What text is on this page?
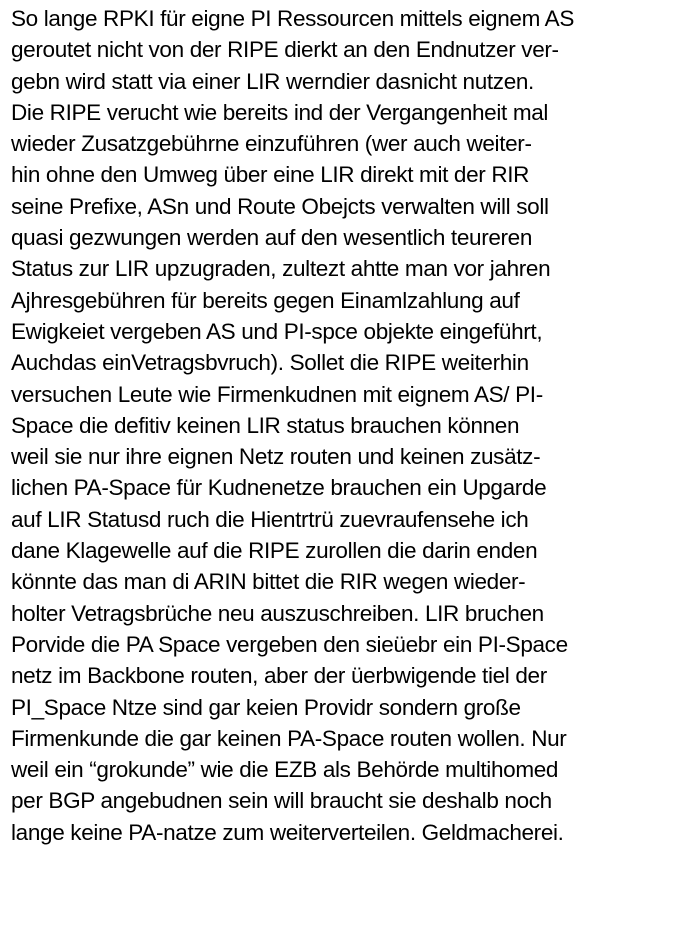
So lange RPKI für eigne PI Ressourcen mittels eignem AS
geroutet nicht von der RIPE dierkt an den Endnutzer ver-
gebn wird statt via einer LIR werndier dasnicht nutzen.
Die RIPE verucht wie bereits ind der Vergangenheit mal
wieder Zusatzgebührne einzuführen (wer auch weiter-
hin ohne den Umweg über eine LIR direkt mit der RIR
seine Prefixe, ASn und Route Obejcts verwalten will soll
quasi gezwungen werden auf den wesentlich teureren
Status zur LIR upzugraden, zultezt ahtte man vor jahren
Ajhresgebühren für bereits gegen Einamlzahlung auf
Ewigkeiet vergeben AS und PI-spce objekte eingeführt,
Auchdas einVetragsbvruch). Sollet die RIPE weiterhin
versuchen Leute wie Firmenkudnen mit eignem AS/ PI-
Space die defitiv keinen LIR status brauchen können
weil sie nur ihre eignen Netz routen und keinen zusätz-
lichen PA-Space für Kudnenetze brauchen ein Upgarde
auf LIR Statusd ruch die Hientrtrü zuevraufensehe ich
dane Klagewelle auf die RIPE zurollen die darin enden
könnte das man di ARIN bittet die RIR wegen wieder-
holter Vetragsbrüche neu auszuschreiben. LIR bruchen
Porvide die PA Space vergeben den sieüebr ein PI-Space
netz im Backbone routen, aber der üerbwigende tiel der
PI_Space Ntze sind gar keien Providr sondern große
Firmenkunde die gar keinen PA-Space routen wollen. Nur
weil ein “grokunde” wie die EZB als Behörde multihomed
per BGP angebudnen sein will braucht sie deshalb noch
lange keine PA-natze zum weiterverteilen. Geldmacherei.
